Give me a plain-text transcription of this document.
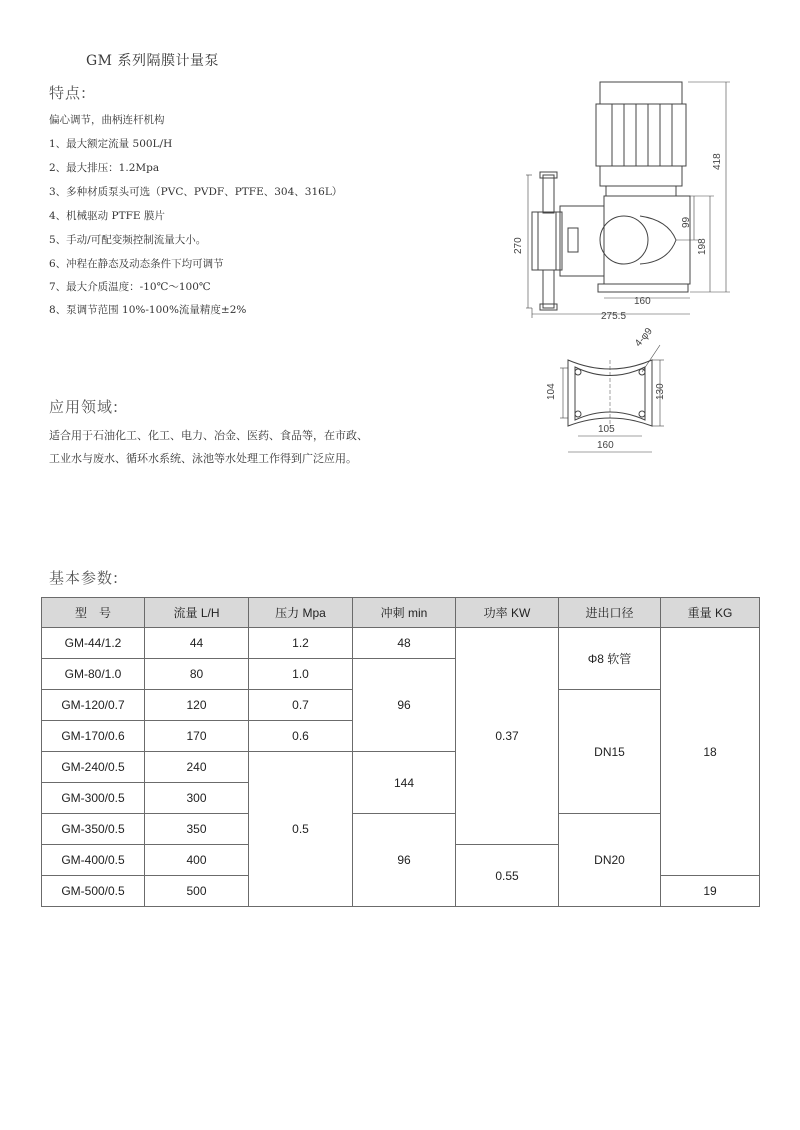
GM 系列隔膜计量泵
特点:
偏心调节，曲柄连杆机构
1、最大额定流量 500L/H
2、最大排压：1.2Mpa
3、多种材质泵头可选（PVC、PVDF、PTFE、304、316L）
4、机械驱动 PTFE 膜片
5、手动/可配变频控制流量大小。
6、冲程在静态及动态条件下均可调节
7、最大介质温度：-10℃～100℃
8、泵调节范围 10%-100%流量精度±2%
应用领域:
适合用于石油化工、化工、电力、冶金、医药、食品等，在市政、
工业水与废水、循环水系统、泳池等水处理工作得到广泛应用。
418
198
99
270
160
275.5
4-φ9
104	130
105
160
基本参数:
型　号	流量 L/H	压力 Mpa	冲刺 min	功率 KW	进出口径	重量 KG
GM-44/1.2	44	1.2	48	0.37	Φ8 软管	18
GM-80/1.0	80	1.0	96			
GM-120/0.7	120	0.7			DN15	
GM-170/0.6	170	0.6				
GM-240/0.5	240	0.5	144			
GM-300/0.5	300					
GM-350/0.5	350		96		DN20	
GM-400/0.5	400			0.55		
GM-500/0.5	500					19
